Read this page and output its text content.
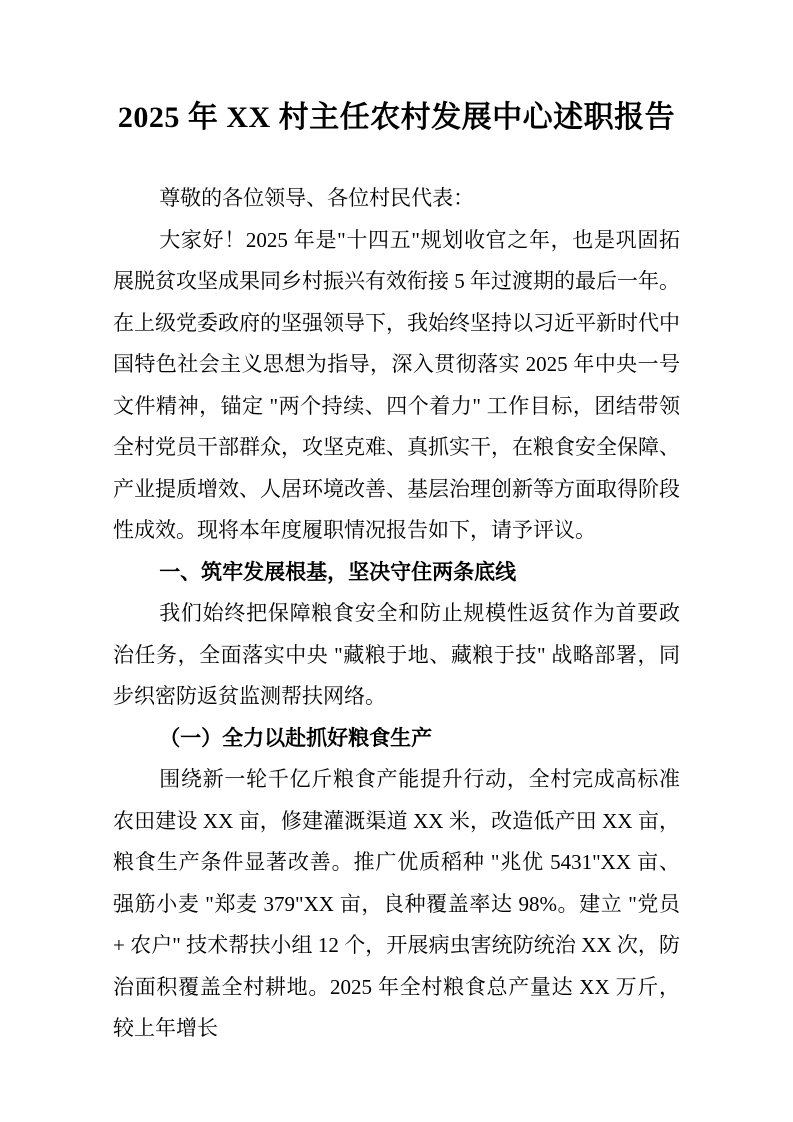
2025 年 XX 村主任农村发展中心述职报告

尊敬的各位领导、各位村民代表：

大家好！2025 年是"十四五"规划收官之年，也是巩固拓展脱贫攻坚成果同乡村振兴有效衔接 5 年过渡期的最后一年。在上级党委政府的坚强领导下，我始终坚持以习近平新时代中国特色社会主义思想为指导，深入贯彻落实 2025 年中央一号文件精神，锚定 "两个持续、四个着力" 工作目标，团结带领全村党员干部群众，攻坚克难、真抓实干，在粮食安全保障、产业提质增效、人居环境改善、基层治理创新等方面取得阶段性成效。现将本年度履职情况报告如下，请予评议。

一、筑牢发展根基，坚决守住两条底线

我们始终把保障粮食安全和防止规模性返贫作为首要政治任务，全面落实中央 "藏粮于地、藏粮于技" 战略部署，同步织密防返贫监测帮扶网络。

（一）全力以赴抓好粮食生产

围绕新一轮千亿斤粮食产能提升行动，全村完成高标准农田建设 XX 亩，修建灌溉渠道 XX 米，改造低产田 XX 亩，粮食生产条件显著改善。推广优质稻种 "兆优 5431"XX 亩、强筋小麦 "郑麦 379"XX 亩，良种覆盖率达 98%。建立 "党员 + 农户" 技术帮扶小组 12 个，开展病虫害统防统治 XX 次，防治面积覆盖全村耕地。2025 年全村粮食总产量达 XX 万斤，较上年增长
